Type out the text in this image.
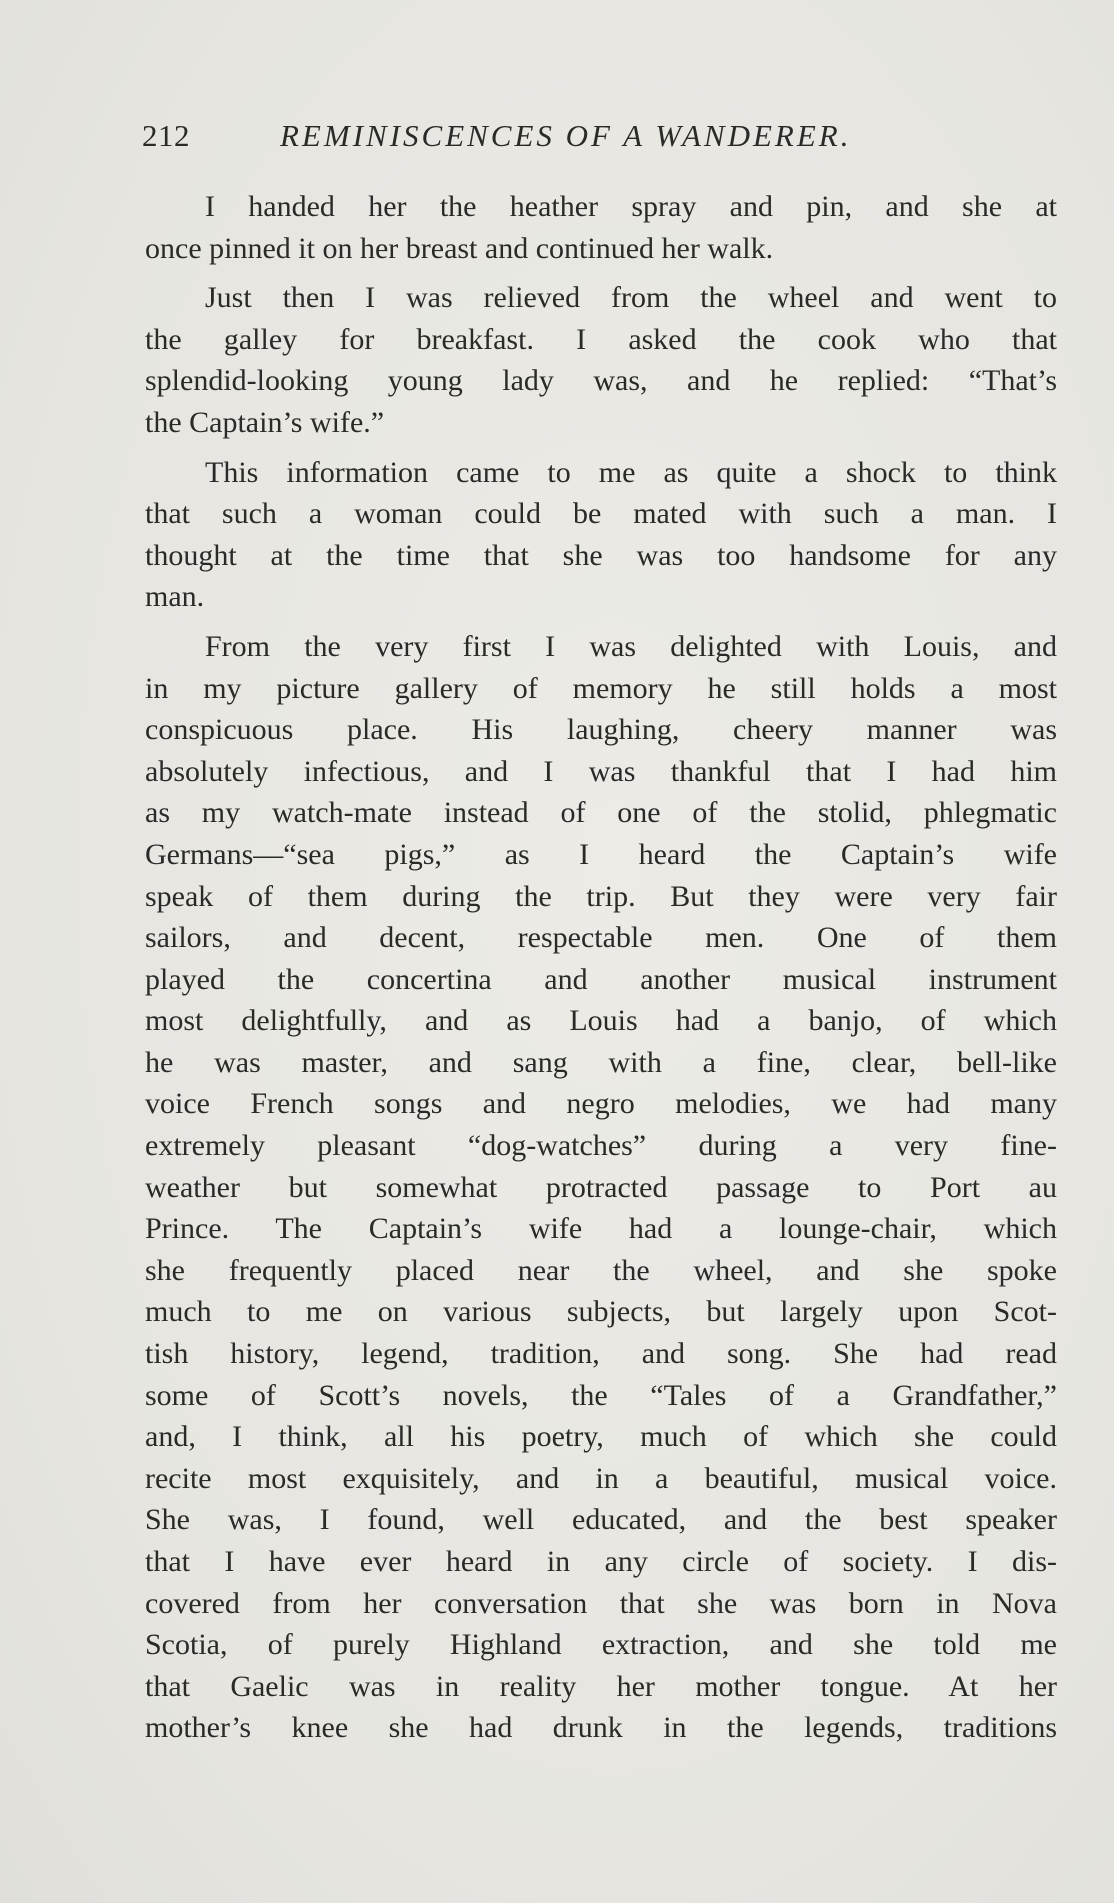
212	REMINISCENCES OF A WANDERER.
I handed her the heather spray and pin, and she at
once pinned it on her breast and continued her walk.
Just then I was relieved from the wheel and went to
the galley for breakfast. I asked the cook who that
splendid-looking young lady was, and he replied: “That’s
the Captain’s wife.”
This information came to me as quite a shock to think
that such a woman could be mated with such a man. I
thought at the time that she was too handsome for any
man.
From the very first I was delighted with Louis, and
in my picture gallery of memory he still holds a most
conspicuous place. His laughing, cheery manner was
absolutely infectious, and I was thankful that I had him
as my watch-mate instead of one of the stolid, phlegmatic
Germans—“sea pigs,” as I heard the Captain’s wife
speak of them during the trip. But they were very fair
sailors, and decent, respectable men. One of them
played the concertina and another musical instrument
most delightfully, and as Louis had a banjo, of which
he was master, and sang with a fine, clear, bell-like
voice French songs and negro melodies, we had many
extremely pleasant “dog-watches” during a very fine-
weather but somewhat protracted passage to Port au
Prince. The Captain’s wife had a lounge-chair, which
she frequently placed near the wheel, and she spoke
much to me on various subjects, but largely upon Scot-
tish history, legend, tradition, and song. She had read
some of Scott’s novels, the “Tales of a Grandfather,”
and, I think, all his poetry, much of which she could
recite most exquisitely, and in a beautiful, musical voice.
She was, I found, well educated, and the best speaker
that I have ever heard in any circle of society. I dis-
covered from her conversation that she was born in Nova
Scotia, of purely Highland extraction, and she told me
that Gaelic was in reality her mother tongue. At her
mother’s knee she had drunk in the legends, traditions
